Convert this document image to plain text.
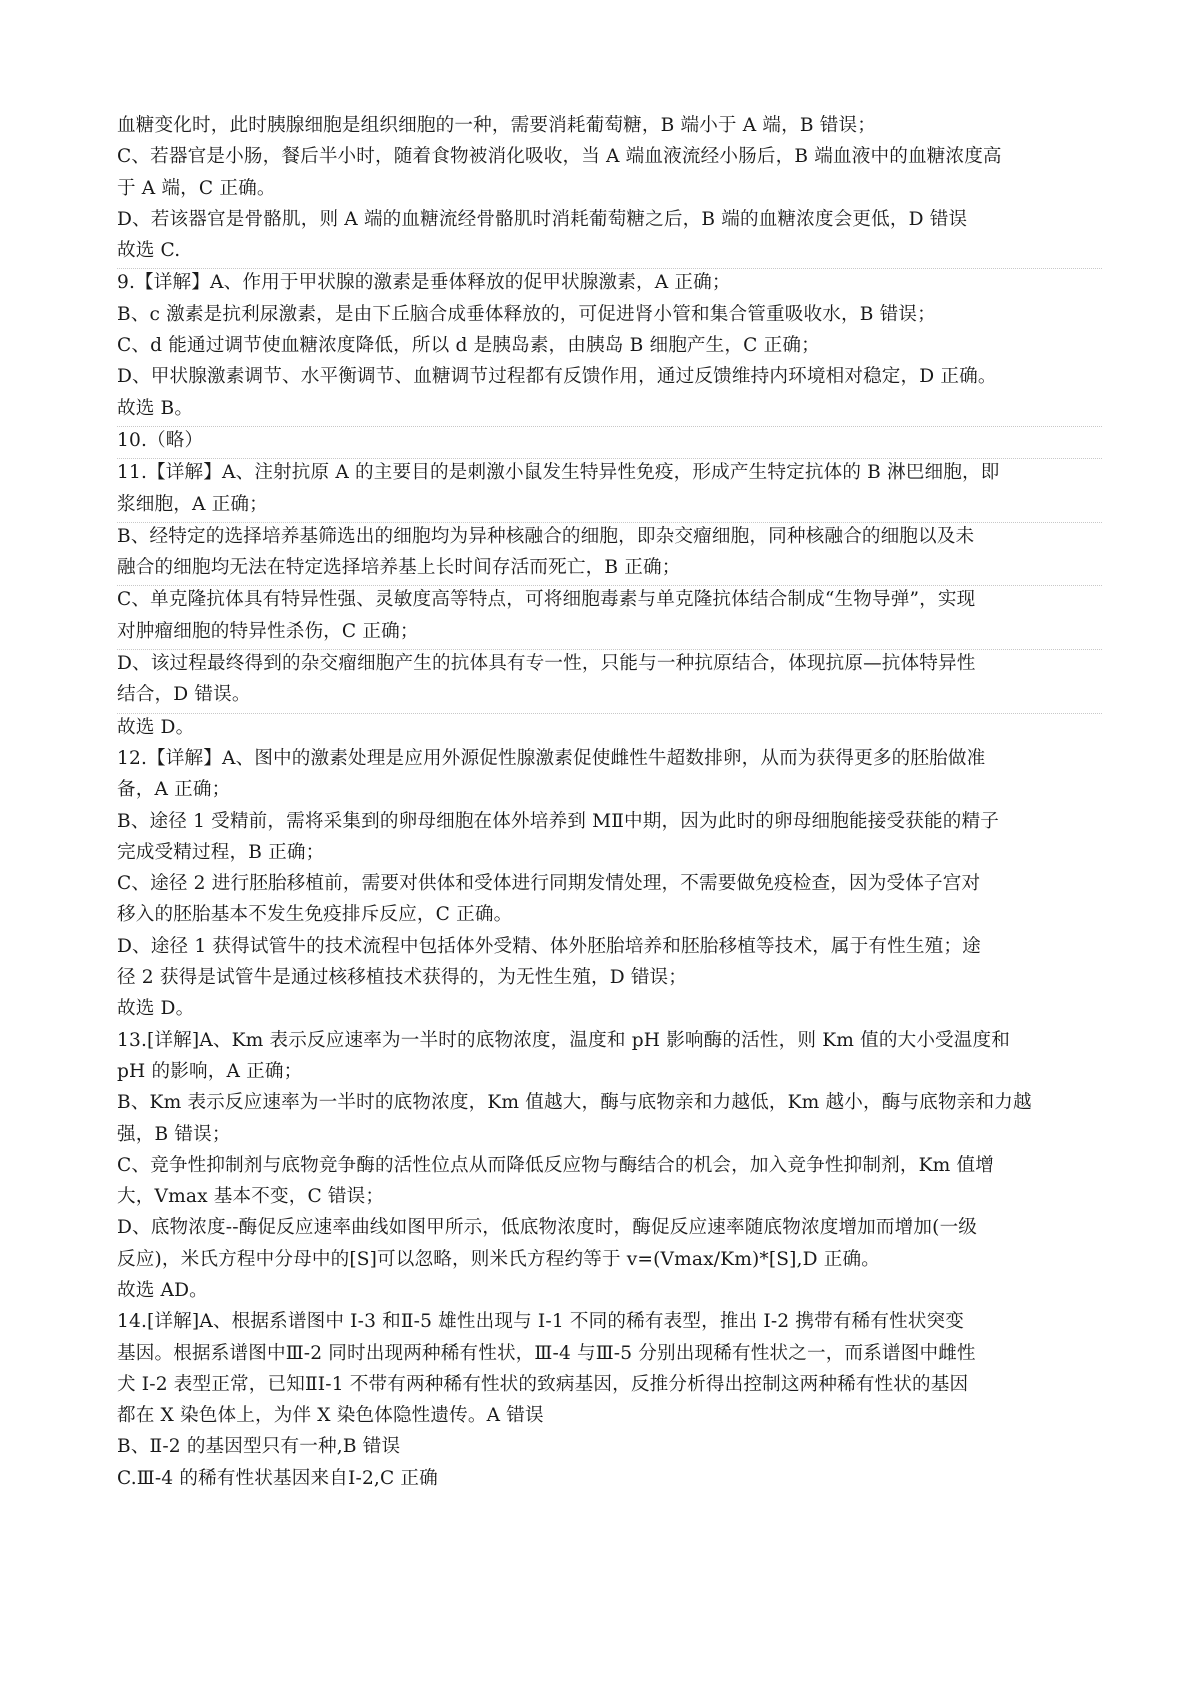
血糖变化时，此时胰腺细胞是组织细胞的一种，需要消耗葡萄糖，B 端小于 A 端，B 错误；
C、若器官是小肠，餐后半小时，随着食物被消化吸收，当 A 端血液流经小肠后，B 端血液中的血糖浓度高
于 A 端，C 正确。
D、若该器官是骨骼肌，则 A 端的血糖流经骨骼肌时消耗葡萄糖之后，B 端的血糖浓度会更低，D 错误
故选 C.
9.【详解】A、作用于甲状腺的激素是垂体释放的促甲状腺激素，A 正确；
B、c 激素是抗利尿激素，是由下丘脑合成垂体释放的，可促进肾小管和集合管重吸收水，B 错误；
C、d 能通过调节使血糖浓度降低，所以 d 是胰岛素，由胰岛 B 细胞产生，C 正确；
D、甲状腺激素调节、水平衡调节、血糖调节过程都有反馈作用，通过反馈维持内环境相对稳定，D 正确。
故选 B。
10.（略）
11.【详解】A、注射抗原 A 的主要目的是刺激小鼠发生特异性免疫，形成产生特定抗体的 B 淋巴细胞，即
浆细胞，A 正确；
B、经特定的选择培养基筛选出的细胞均为异种核融合的细胞，即杂交瘤细胞，同种核融合的细胞以及未
融合的细胞均无法在特定选择培养基上长时间存活而死亡，B 正确；
C、单克隆抗体具有特异性强、灵敏度高等特点，可将细胞毒素与单克隆抗体结合制成“生物导弹”，实现
对肿瘤细胞的特异性杀伤，C 正确；
D、该过程最终得到的杂交瘤细胞产生的抗体具有专一性，只能与一种抗原结合，体现抗原—抗体特异性
结合，D 错误。
故选 D。
12.【详解】A、图中的激素处理是应用外源促性腺激素促使雌性牛超数排卵，从而为获得更多的胚胎做准
备，A 正确；
B、途径 1 受精前，需将采集到的卵母细胞在体外培养到 MⅡ中期，因为此时的卵母细胞能接受获能的精子
完成受精过程，B 正确；
C、途径 2 进行胚胎移植前，需要对供体和受体进行同期发情处理，不需要做免疫检查，因为受体子宫对
移入的胚胎基本不发生免疫排斥反应，C 正确。
D、途径 1 获得试管牛的技术流程中包括体外受精、体外胚胎培养和胚胎移植等技术，属于有性生殖；途
径 2 获得是试管牛是通过核移植技术获得的，为无性生殖，D 错误；
故选 D。
13.[详解]A、Km 表示反应速率为一半时的底物浓度，温度和 pH 影响酶的活性，则 Km 值的大小受温度和
pH 的影响，A 正确；
B、Km 表示反应速率为一半时的底物浓度，Km 值越大，酶与底物亲和力越低，Km 越小，酶与底物亲和力越
强，B 错误；
C、竞争性抑制剂与底物竞争酶的活性位点从而降低反应物与酶结合的机会，加入竞争性抑制剂，Km 值增
大，Vmax 基本不变，C 错误；
D、底物浓度--酶促反应速率曲线如图甲所示，低底物浓度时，酶促反应速率随底物浓度增加而增加(一级
反应)，米氏方程中分母中的[S]可以忽略，则米氏方程约等于 v=(Vmax/Km)*[S],D 正确。
故选 AD。
14.[详解]A、根据系谱图中 I-3 和Ⅱ-5 雄性出现与 I-1 不同的稀有表型，推出 I-2 携带有稀有性状突变
基因。根据系谱图中Ⅲ-2 同时出现两种稀有性状，Ⅲ-4 与Ⅲ-5 分别出现稀有性状之一，而系谱图中雌性
犬 I-2 表型正常，已知ⅡI-1 不带有两种稀有性状的致病基因，反推分析得出控制这两种稀有性状的基因
都在 X 染色体上，为伴 X 染色体隐性遗传。A 错误
B、Ⅱ-2 的基因型只有一种,B 错误
C.Ⅲ-4 的稀有性状基因来自Ⅰ-2,C 正确
